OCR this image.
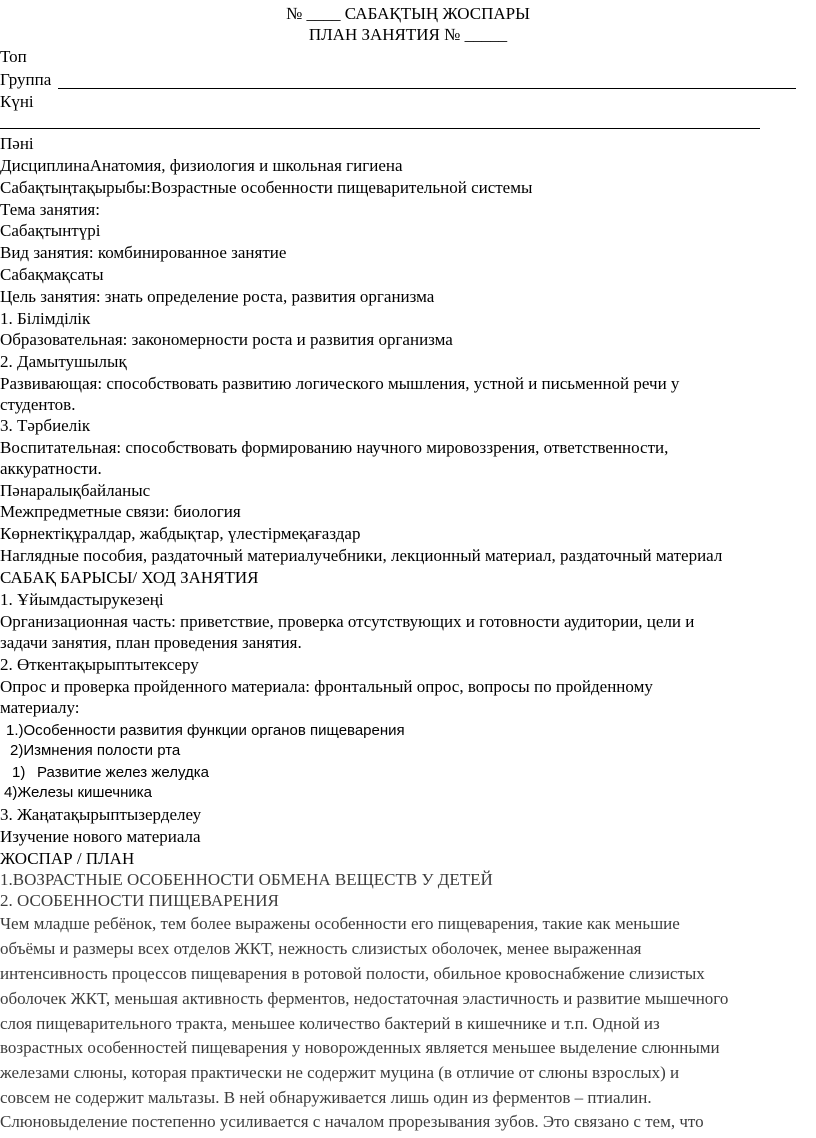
№ ____ САБАҚТЫҢ ЖОСПАРЫ
ПЛАН ЗАНЯТИЯ № _____
Топ
Группа
Күні
Пәні
ДисциплинаАнатомия, физиология и школьная гигиена
Сабақтыңтақырыбы:Возрастные особенности пищеварительной системы
Тема занятия:
Сабақтынтүрі
Вид занятия: комбинированное занятие
Сабақмақсаты
Цель занятия: знать определение роста, развития организма
1. Білімділік
Образовательная: закономерности роста и развития организма
2. Дамытушылық
Развивающая: способствовать развитию логического мышления, устной и письменной речи у
студентов.
3. Тәрбиелік
Воспитательная: способствовать формированию научного мировоззрения, ответственности,
аккуратности.
Пәнаралықбайланыс
Межпредметные связи: биология
Көрнектіқұралдар, жабдықтар, үлестірмеқағаздар
Наглядные пособия, раздаточный материалучебники, лекционный материал, раздаточный материал
САБАҚ БАРЫСЫ/ ХОД ЗАНЯТИЯ
1. Ұйымдастырукезеңі
Организационная часть: приветствие, проверка отсутствующих и готовности аудитории, цели и
задачи занятия, план проведения занятия.
2. Өткентақырыптытексеру
Опрос и проверка пройденного материала: фронтальный опрос, вопросы по пройденному
материалу:
1.)Особенности развития функции органов пищеварения
2)Измнения полости рта
1) Развитие желез желудка
4)Железы кишечника
3. Жаңатақырыптызерделеу
Изучение нового материала
ЖОСПАР / ПЛАН
1.ВОЗРАСТНЫЕ ОСОБЕННОСТИ ОБМЕНА ВЕЩЕСТВ У ДЕТЕЙ
2. ОСОБЕННОСТИ ПИЩЕВАРЕНИЯ
Чем младше ребёнок, тем более выражены особенности его пищеварения, такие как меньшие
объёмы и размеры всех отделов ЖКТ, нежность слизистых оболочек, менее выраженная
интенсивность процессов пищеварения в ротовой полости, обильное кровоснабжение слизистых
оболочек ЖКТ, меньшая активность ферментов, недостаточная эластичность и развитие мышечного
слоя пищеварительного тракта, меньшее количество бактерий в кишечнике и т.п. Одной из
возрастных особенностей пищеварения у новорожденных является меньшее выделение слюнными
железами слюны, которая практически не содержит муцина (в отличие от слюны взрослых) и
совсем не содержит мальтазы. В ней обнаруживается лишь один из ферментов – птиалин.
Слюновыделение постепенно усиливается с началом прорезывания зубов. Это связано с тем, что
